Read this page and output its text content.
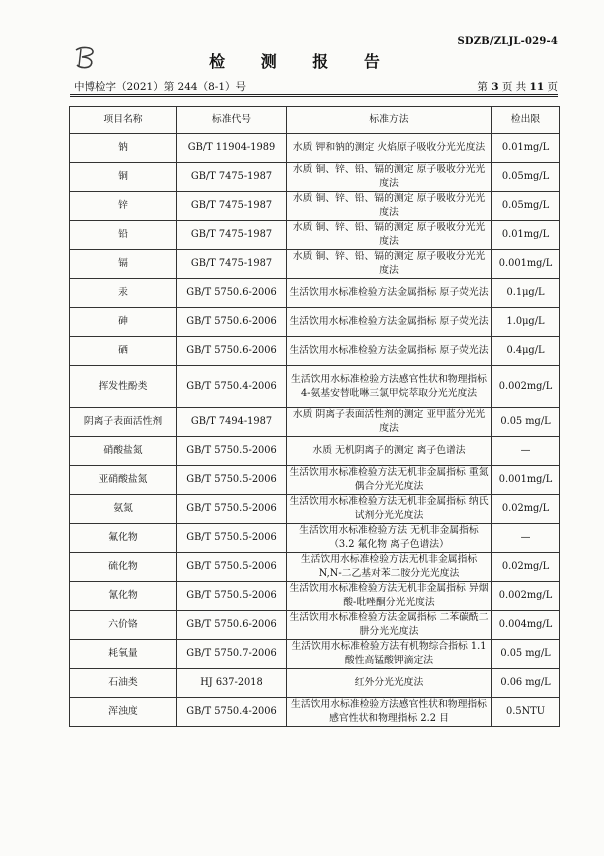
SDZB/ZLJL-029-4
检 测 报 告
中博检字（2021）第 244（8-1）号	第 3 页 共 11 页
项目名称	标准代号	标准方法	检出限
钠	GB/T 11904-1989	水质 钾和钠的测定 火焰原子吸收分光光度法	0.01mg/L
铜	GB/T 7475-1987	水质 铜、锌、铅、镉的测定 原子吸收分光光度法	0.05mg/L
锌	GB/T 7475-1987	水质 铜、锌、铅、镉的测定 原子吸收分光光度法	0.05mg/L
铅	GB/T 7475-1987	水质 铜、锌、铅、镉的测定 原子吸收分光光度法	0.01mg/L
镉	GB/T 7475-1987	水质 铜、锌、铅、镉的测定 原子吸收分光光度法	0.001mg/L
汞	GB/T 5750.6-2006	生活饮用水标准检验方法金属指标 原子荧光法	0.1μg/L
砷	GB/T 5750.6-2006	生活饮用水标准检验方法金属指标 原子荧光法	1.0μg/L
硒	GB/T 5750.6-2006	生活饮用水标准检验方法金属指标 原子荧光法	0.4μg/L
挥发性酚类	GB/T 5750.4-2006	生活饮用水标准检验方法感官性状和物理指标 4-氨基安替吡啉三氯甲烷萃取分光光度法	0.002mg/L
阴离子表面活性剂	GB/T 7494-1987	水质 阴离子表面活性剂的测定 亚甲蓝分光光度法	0.05 mg/L
硝酸盐氮	GB/T 5750.5-2006	水质 无机阴离子的测定 离子色谱法	—
亚硝酸盐氮	GB/T 5750.5-2006	生活饮用水标准检验方法无机非金属指标 重氮偶合分光光度法	0.001mg/L
氨氮	GB/T 5750.5-2006	生活饮用水标准检验方法无机非金属指标 纳氏试剂分光光度法	0.02mg/L
氟化物	GB/T 5750.5-2006	生活饮用水标准检验方法 无机非金属指标（3.2 氟化物 离子色谱法）	—
硫化物	GB/T 5750.5-2006	生活饮用水标准检验方法无机非金属指标 N,N-二乙基对苯二胺分光光度法	0.02mg/L
氰化物	GB/T 5750.5-2006	生活饮用水标准检验方法无机非金属指标 异烟酸-吡唑酮分光光度法	0.002mg/L
六价铬	GB/T 5750.6-2006	生活饮用水标准检验方法金属指标 二苯碳酰二肼分光光度法	0.004mg/L
耗氧量	GB/T 5750.7-2006	生活饮用水标准检验方法有机物综合指标 1.1 酸性高锰酸钾滴定法	0.05 mg/L
石油类	HJ 637-2018	红外分光光度法	0.06 mg/L
浑浊度	GB/T 5750.4-2006	生活饮用水标准检验方法感官性状和物理指标 感官性状和物理指标 2.2 目	0.5NTU
